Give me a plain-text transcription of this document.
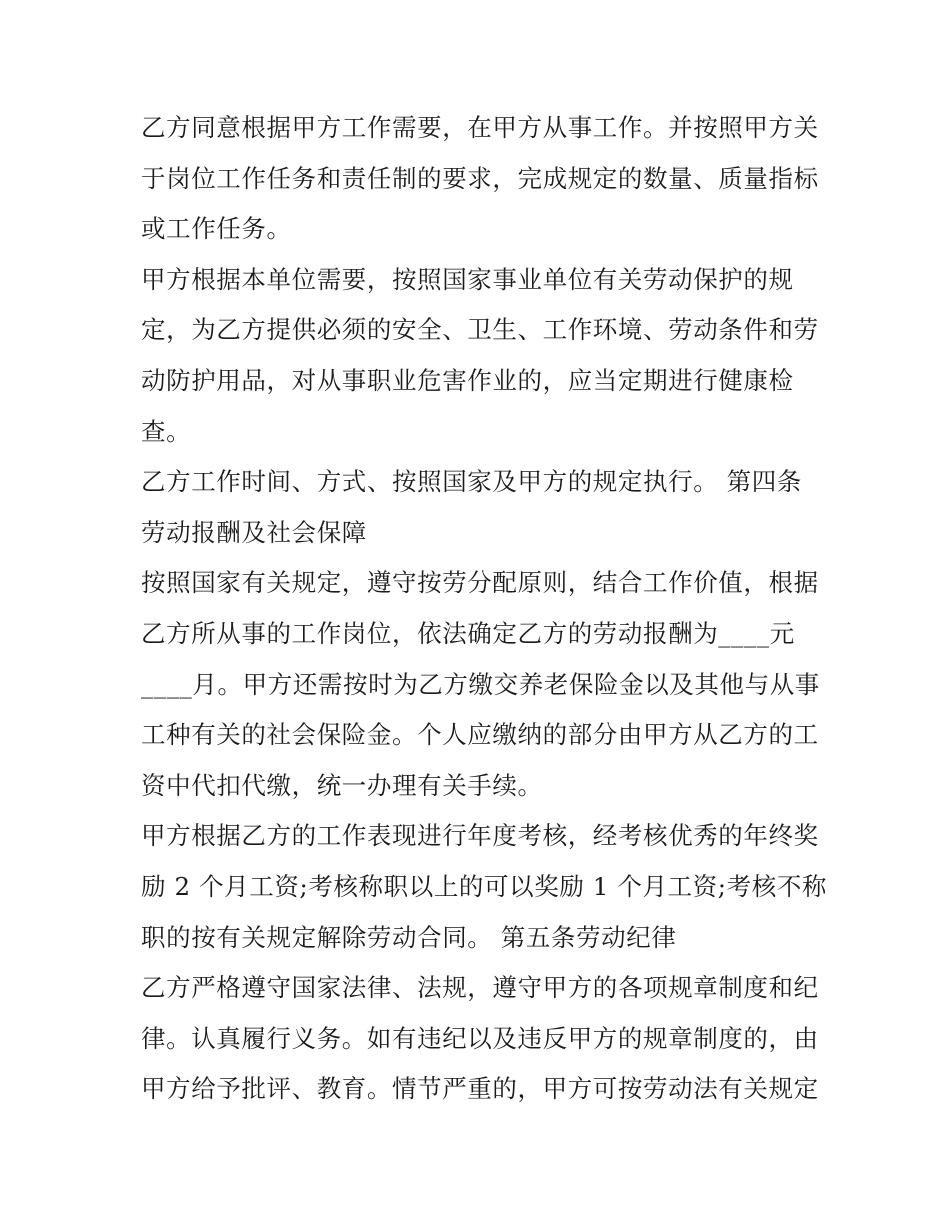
乙方同意根据甲方工作需要，在甲方从事工作。并按照甲方关
于岗位工作任务和责任制的要求，完成规定的数量、质量指标
或工作任务。
甲方根据本单位需要，按照国家事业单位有关劳动保护的规
定，为乙方提供必须的安全、卫生、工作环境、劳动条件和劳
动防护用品，对从事职业危害作业的，应当定期进行健康检
查。
乙方工作时间、方式、按照国家及甲方的规定执行。 第四条
劳动报酬及社会保障
按照国家有关规定，遵守按劳分配原则，结合工作价值，根据
乙方所从事的工作岗位，依法确定乙方的劳动报酬为____元
____月。甲方还需按时为乙方缴交养老保险金以及其他与从事
工种有关的社会保险金。个人应缴纳的部分由甲方从乙方的工
资中代扣代缴，统一办理有关手续。
甲方根据乙方的工作表现进行年度考核，经考核优秀的年终奖
励 2 个月工资;考核称职以上的可以奖励 1 个月工资;考核不称
职的按有关规定解除劳动合同。 第五条劳动纪律
乙方严格遵守国家法律、法规，遵守甲方的各项规章制度和纪
律。认真履行义务。如有违纪以及违反甲方的规章制度的，由
甲方给予批评、教育。情节严重的，甲方可按劳动法有关规定
